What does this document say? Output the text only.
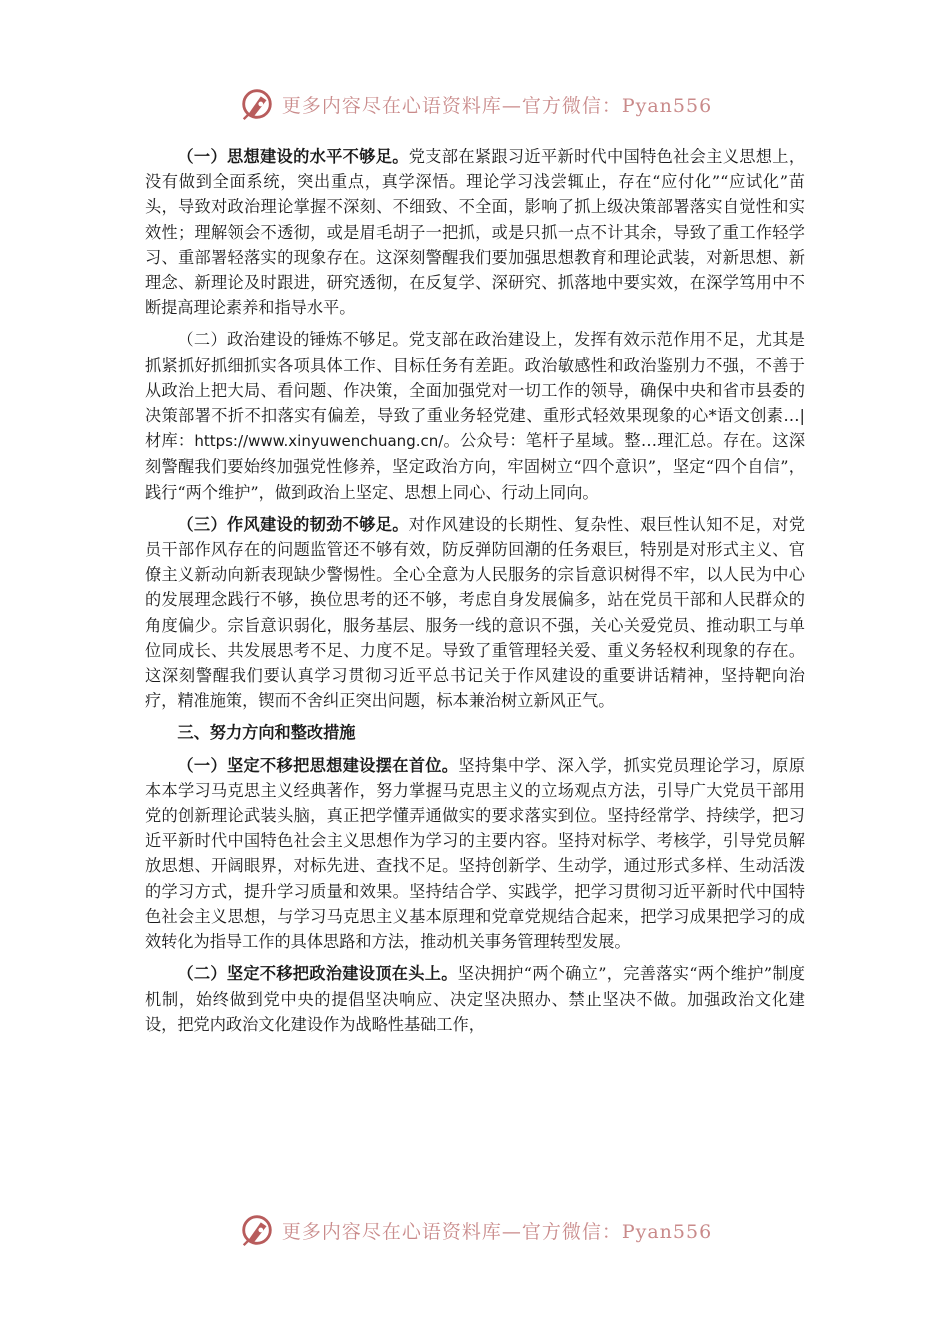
更多内容尽在心语资料库—官方微信：Pyan556

（一）思想建设的水平不够足。党支部在紧跟习近平新时代中国特色社会主义思想上，没有做到全面系统，突出重点，真学深悟。理论学习浅尝辄止，存在“应付化”“应试化”苗头，导致对政治理论掌握不深刻、不细致、不全面，影响了抓上级决策部署落实自觉性和实效性；理解领会不透彻，或是眉毛胡子一把抓，或是只抓一点不计其余，导致了重工作轻学习、重部署轻落实的现象存在。这深刻警醒我们要加强思想教育和理论武装，对新思想、新理念、新理论及时跟进，研究透彻，在反复学、深研究、抓落地中要实效，在深学笃用中不断提高理论素养和指导水平。

（二）政治建设的锤炼不够足。党支部在政治建设上，发挥有效示范作用不足，尤其是抓紧抓好抓细抓实各项具体工作、目标任务有差距。政治敏感性和政治鉴别力不强，不善于从政治上把大局、看问题、作决策，全面加强党对一切工作的领导，确保中央和省市县委的决策部署不折不扣落实有偏差，导致了重业务轻党建、重形式轻效果现象的心*语文创素…|材库：https://www.xinyuwenchuang.cn/。公众号：笔杆子星域。整…理汇总。存在。这深刻警醒我们要始终加强党性修养，坚定政治方向，牢固树立“四个意识”，坚定“四个自信”，践行“两个维护”，做到政治上坚定、思想上同心、行动上同向。

（三）作风建设的韧劲不够足。对作风建设的长期性、复杂性、艰巨性认知不足，对党员干部作风存在的问题监管还不够有效，防反弹防回潮的任务艰巨，特别是对形式主义、官僚主义新动向新表现缺少警惕性。全心全意为人民服务的宗旨意识树得不牢，以人民为中心的发展理念践行不够，换位思考的还不够，考虑自身发展偏多，站在党员干部和人民群众的角度偏少。宗旨意识弱化，服务基层、服务一线的意识不强，关心关爱党员、推动职工与单位同成长、共发展思考不足、力度不足。导致了重管理轻关爱、重义务轻权利现象的存在。这深刻警醒我们要认真学习贯彻习近平总书记关于作风建设的重要讲话精神，坚持靶向治疗，精准施策，锲而不舍纠正突出问题，标本兼治树立新风正气。

三、努力方向和整改措施

（一）坚定不移把思想建设摆在首位。坚持集中学、深入学，抓实党员理论学习，原原本本学习马克思主义经典著作，努力掌握马克思主义的立场观点方法，引导广大党员干部用党的创新理论武装头脑，真正把学懂弄通做实的要求落实到位。坚持经常学、持续学，把习近平新时代中国特色社会主义思想作为学习的主要内容。坚持对标学、考核学，引导党员解放思想、开阔眼界，对标先进、查找不足。坚持创新学、生动学，通过形式多样、生动活泼的学习方式，提升学习质量和效果。坚持结合学、实践学，把学习贯彻习近平新时代中国特色社会主义思想，与学习马克思主义基本原理和党章党规结合起来，把学习成果把学习的成效转化为指导工作的具体思路和方法，推动机关事务管理转型发展。

（二）坚定不移把政治建设顶在头上。坚决拥护“两个确立”，完善落实“两个维护”制度机制，始终做到党中央的提倡坚决响应、决定坚决照办、禁止坚决不做。加强政治文化建设，把党内政治文化建设作为战略性基础工作，

更多内容尽在心语资料库—官方微信：Pyan556
